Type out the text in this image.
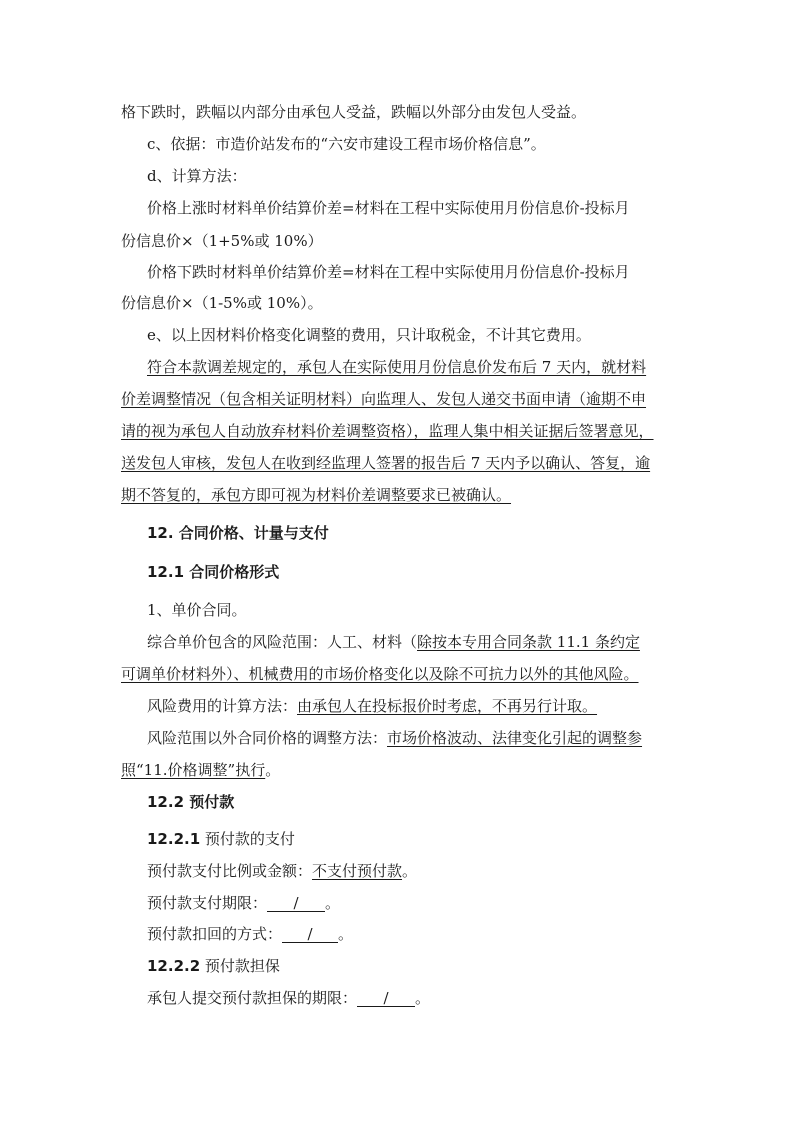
格下跌时，跌幅以内部分由承包人受益，跌幅以外部分由发包人受益。
c、依据：市造价站发布的“六安市建设工程市场价格信息”。
d、计算方法：
价格上涨时材料单价结算价差=材料在工程中实际使用月份信息价-投标月
份信息价×（1+5%或 10%）
价格下跌时材料单价结算价差=材料在工程中实际使用月份信息价-投标月
份信息价×（1-5%或 10%）。
e、以上因材料价格变化调整的费用，只计取税金，不计其它费用。
符合本款调差规定的，承包人在实际使用月份信息价发布后 7 天内，就材料
价差调整情况（包含相关证明材料）向监理人、发包人递交书面申请（逾期不申
请的视为承包人自动放弃材料价差调整资格），监理人集中相关证据后签署意见，
送发包人审核，发包人在收到经监理人签署的报告后 7 天内予以确认、答复，逾
期不答复的，承包方即可视为材料价差调整要求已被确认。
12. 合同价格、计量与支付
12.1 合同价格形式
1、单价合同。
综合单价包含的风险范围：人工、材料（除按本专用合同条款 11.1 条约定
可调单价材料外）、机械费用的市场价格变化以及除不可抗力以外的其他风险。
风险费用的计算方法：由承包人在投标报价时考虑，不再另行计取。
风险范围以外合同价格的调整方法：市场价格波动、法律变化引起的调整参
照“11.价格调整”执行。
12.2 预付款
12.2.1 预付款的支付
预付款支付比例或金额：不支付预付款。
预付款支付期限： / 。
预付款扣回的方式： / 。
12.2.2 预付款担保
承包人提交预付款担保的期限： / 。
